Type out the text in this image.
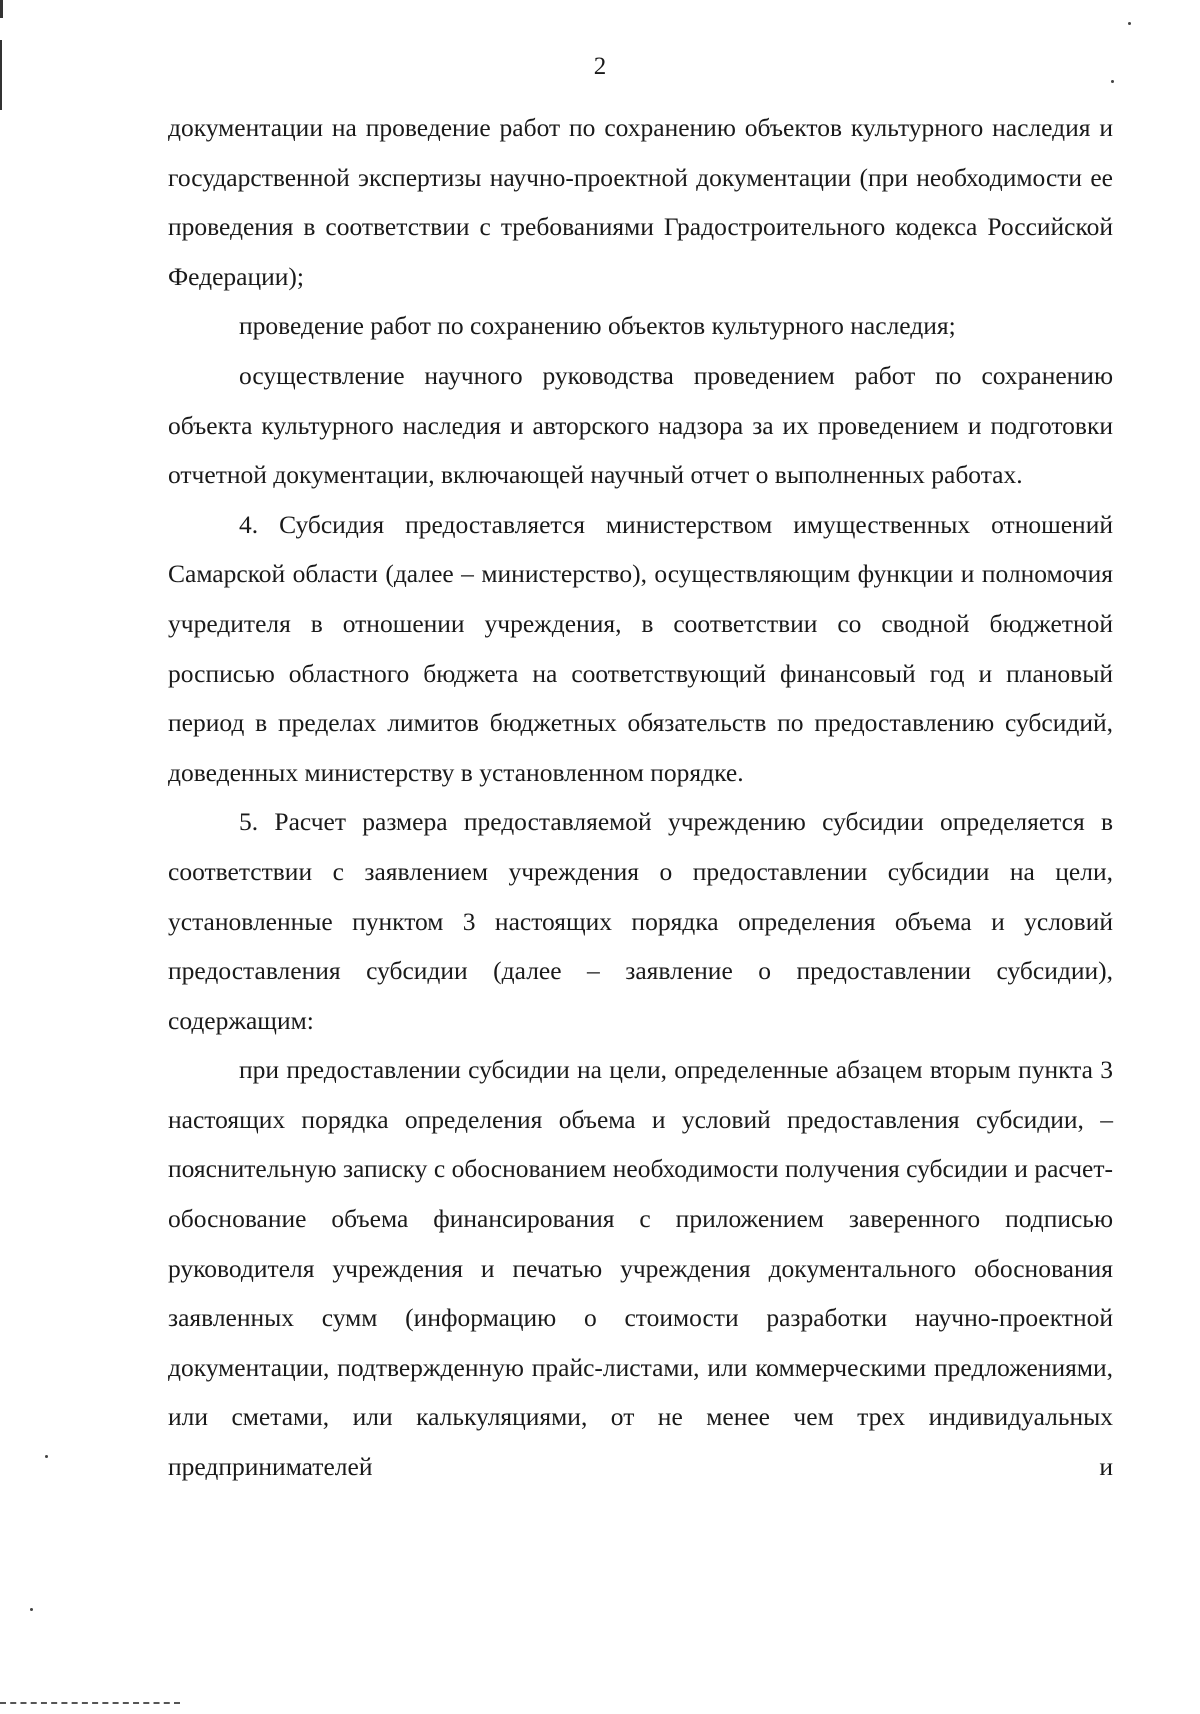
2

документации на проведение работ по сохранению объектов культурного наследия и государственной экспертизы научно-проектной документации (при необходимости ее проведения в соответствии с требованиями Градостроительного кодекса Российской Федерации);

проведение работ по сохранению объектов культурного наследия;

осуществление научного руководства проведением работ по сохранению объекта культурного наследия и авторского надзора за их проведением и подготовки отчетной документации, включающей научный отчет о выполненных работах.

4. Субсидия предоставляется министерством имущественных отношений Самарской области (далее – министерство), осуществляющим функции и полномочия учредителя в отношении учреждения, в соответствии со сводной бюджетной росписью областного бюджета на соответствующий финансовый год и плановый период в пределах лимитов бюджетных обязательств по предоставлению субсидий, доведенных министерству в установленном порядке.

5. Расчет размера предоставляемой учреждению субсидии определяется в соответствии с заявлением учреждения о предоставлении субсидии на цели, установленные пунктом 3 настоящих порядка определения объема и условий предоставления субсидии (далее – заявление о предоставлении субсидии), содержащим:

при предоставлении субсидии на цели, определенные абзацем вторым пункта 3 настоящих порядка определения объема и условий предоставления субсидии, – пояснительную записку с обоснованием необходимости получения субсидии и расчет-обоснование объема финансирования с приложением заверенного подписью руководителя учреждения и печатью учреждения документального обоснования заявленных сумм (информацию о стоимости разработки научно-проектной документации, подтвержденную прайс-листами, или коммерческими предложениями, или сметами, или калькуляциями, от не менее чем трех индивидуальных предпринимателей и
